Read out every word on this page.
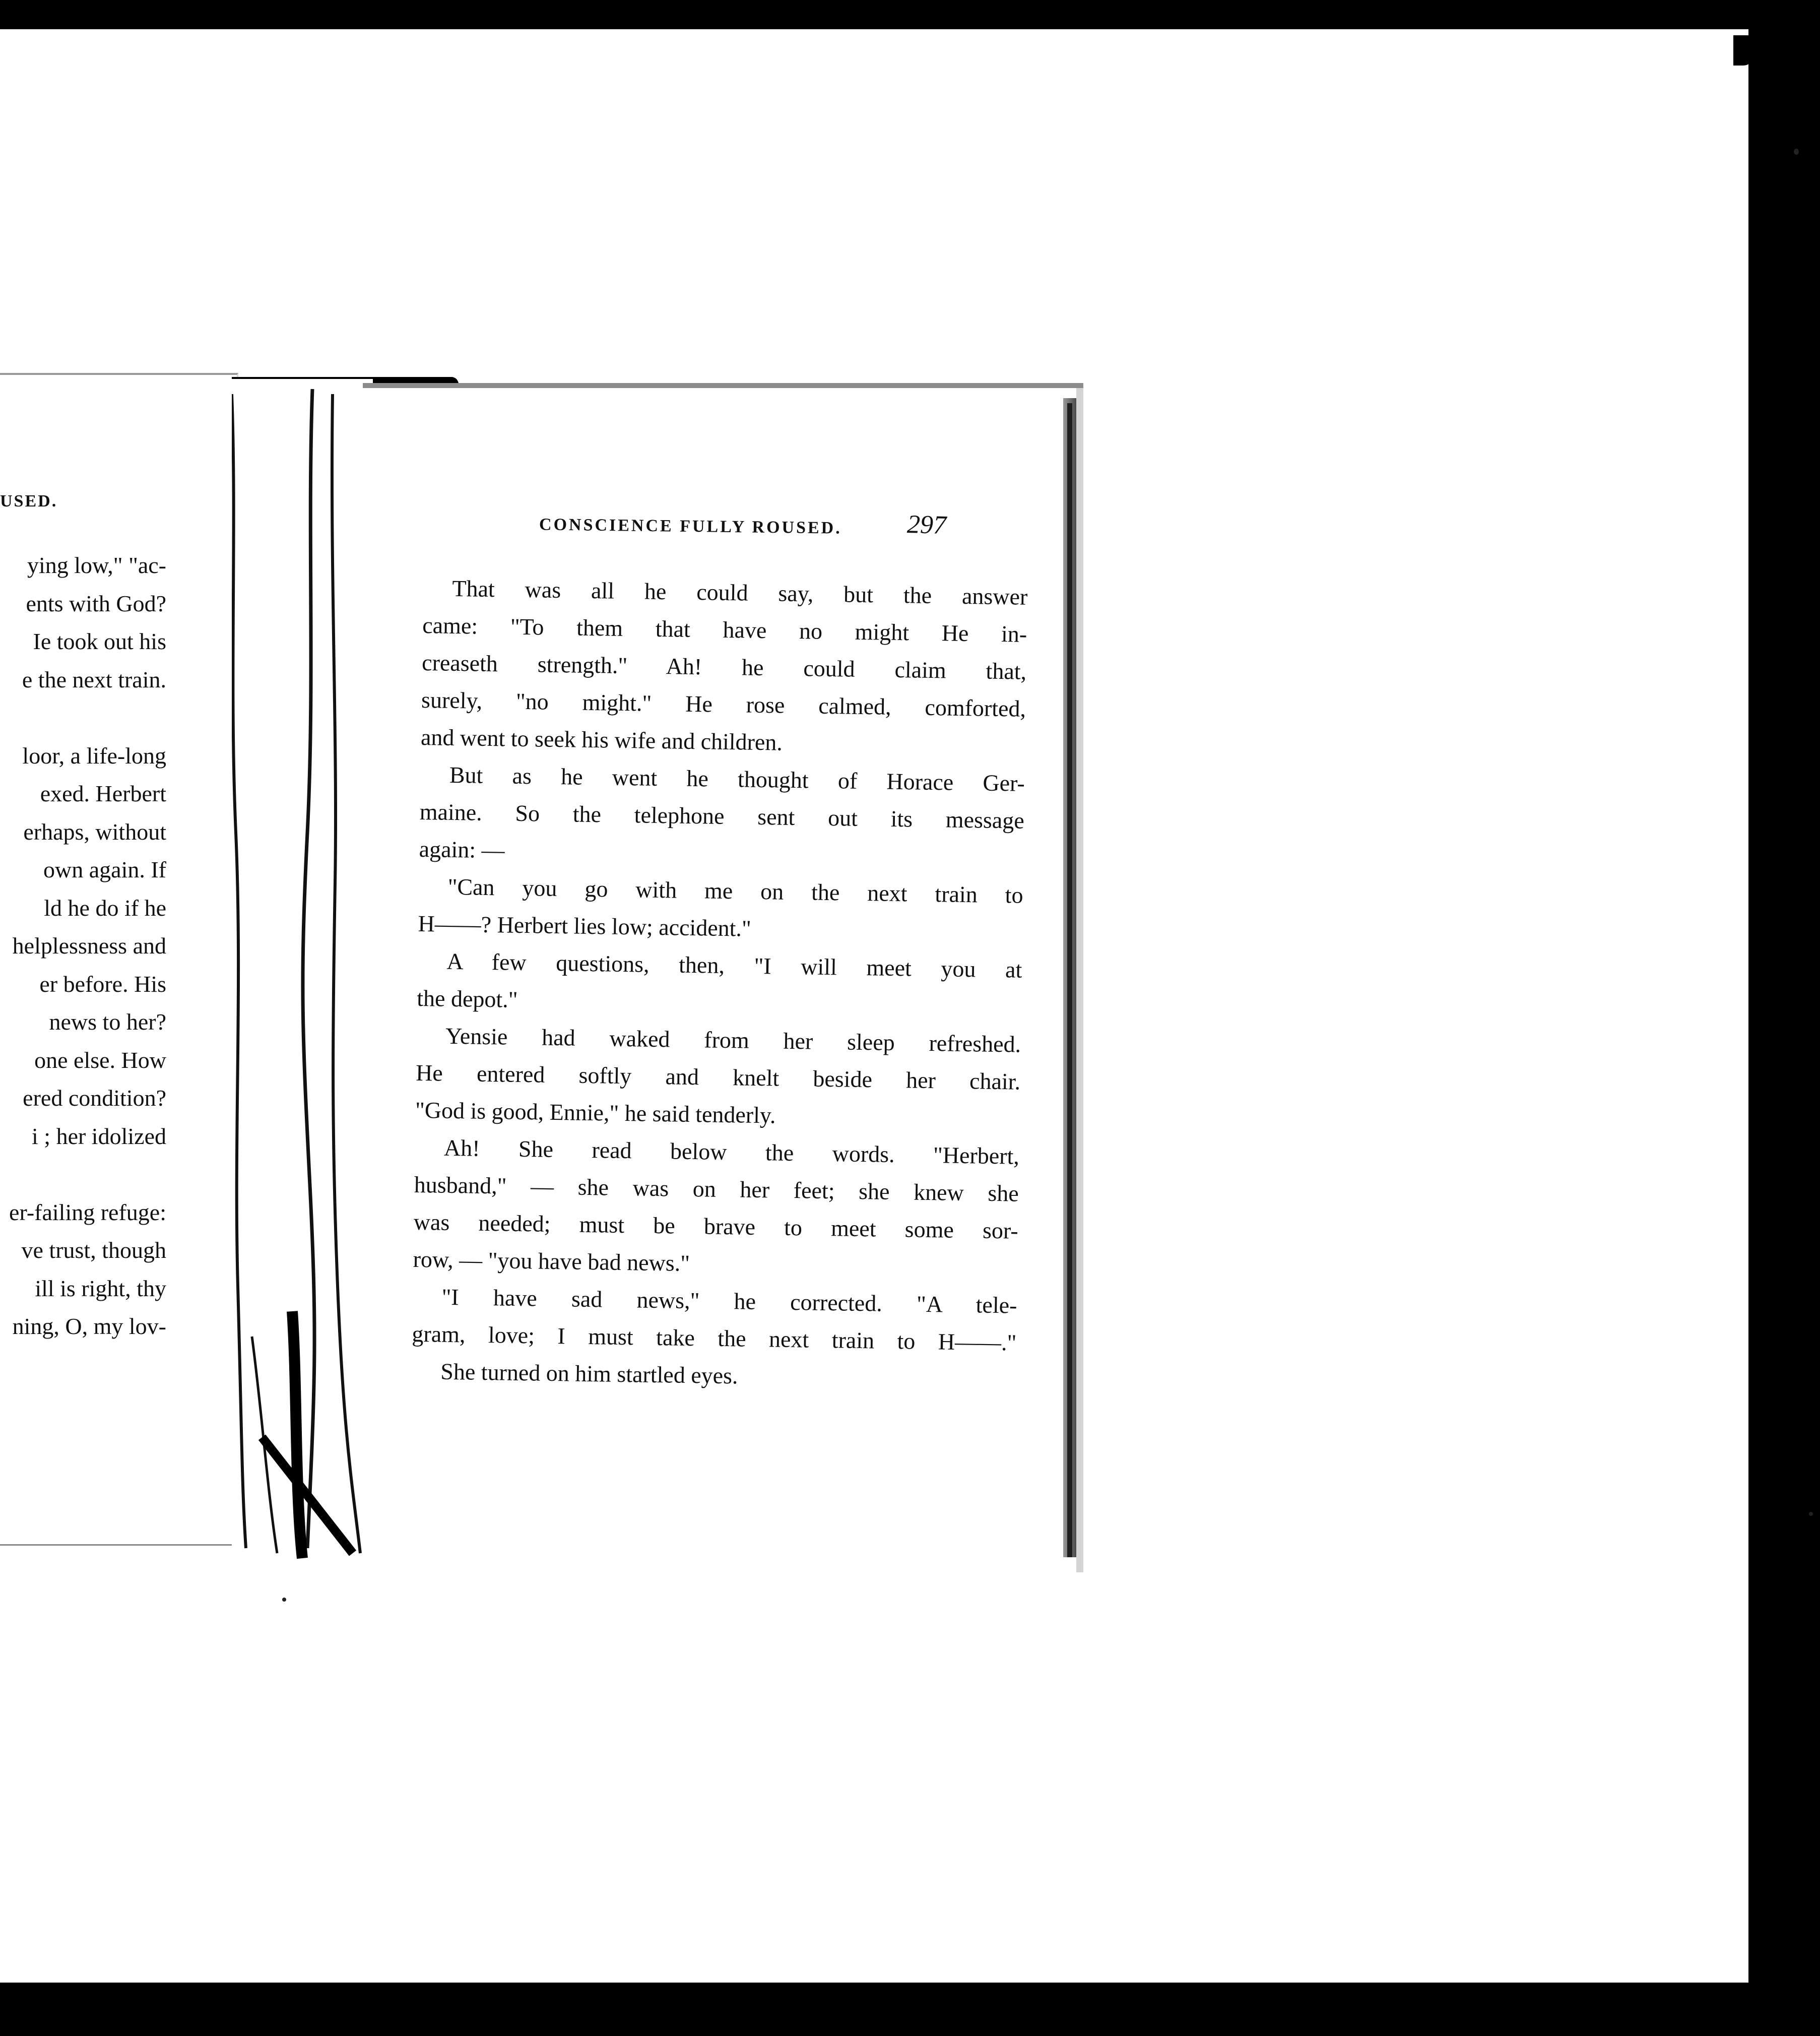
USED.
ying low," "ac-
ents with God?
Ie took out his
e the next train.
loor, a life-long
exed. Herbert
erhaps, without
own again. If
ld he do if he
helplessness and
er before. His
news to her?
one else. How
ered condition?
i ; her idolized
er-failing refuge:
ve trust, though
ill is right, thy
ning, O, my lov-
CONSCIENCE FULLY ROUSED. 297
That was all he could say, but the answer
came: "To them that have no might He in-
creaseth strength." Ah! he could claim that,
surely, "no might." He rose calmed, comforted,
and went to seek his wife and children.
But as he went he thought of Horace Ger-
maine. So the telephone sent out its message
again: —
"Can you go with me on the next train to
H——? Herbert lies low; accident."
A few questions, then, "I will meet you at
the depot."
Yensie had waked from her sleep refreshed.
He entered softly and knelt beside her chair.
"God is good, Ennie," he said tenderly.
Ah! She read below the words. "Herbert,
husband," — she was on her feet; she knew she
was needed; must be brave to meet some sor-
row, — "you have bad news."
"I have sad news," he corrected. "A tele-
gram, love; I must take the next train to H——."
She turned on him startled eyes.
